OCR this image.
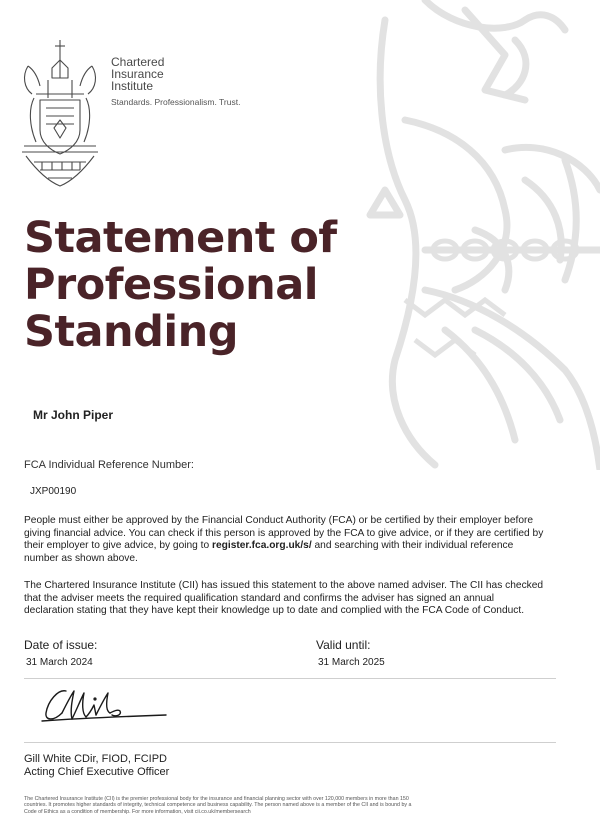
Chartered
Insurance
Institute
Standards. Professionalism. Trust.
Statement of
Professional
Standing
Mr John Piper
FCA Individual Reference Number:
JXP00190

People must either be approved by the Financial Conduct Authority (FCA) or be certified by their employer before giving financial advice. You can check if this person is approved by the FCA to give advice, or if they are certified by their employer to give advice, by going to register.fca.org.uk/s/ and searching with their individual reference number as shown above.

The Chartered Insurance Institute (CII) has issued this statement to the above named adviser. The CII has checked that the adviser meets the required qualification standard and confirms the adviser has signed an annual declaration stating that they have kept their knowledge up to date and complied with the FCA Code of Conduct.

Date of issue:
31 March 2024
Valid until:
31 March 2025
Gill White CDir, FIOD, FCIPD
Acting Chief Executive Officer
The Chartered Insurance Institute (CII) is the premier professional body for the insurance and financial planning sector with over 120,000 members in more than 150 countries. It promotes higher standards of integrity, technical competence and business capability. The person named above is a member of the CII and is bound by a Code of Ethics as a condition of membership. For more information, visit cii.co.uk/membersearch
